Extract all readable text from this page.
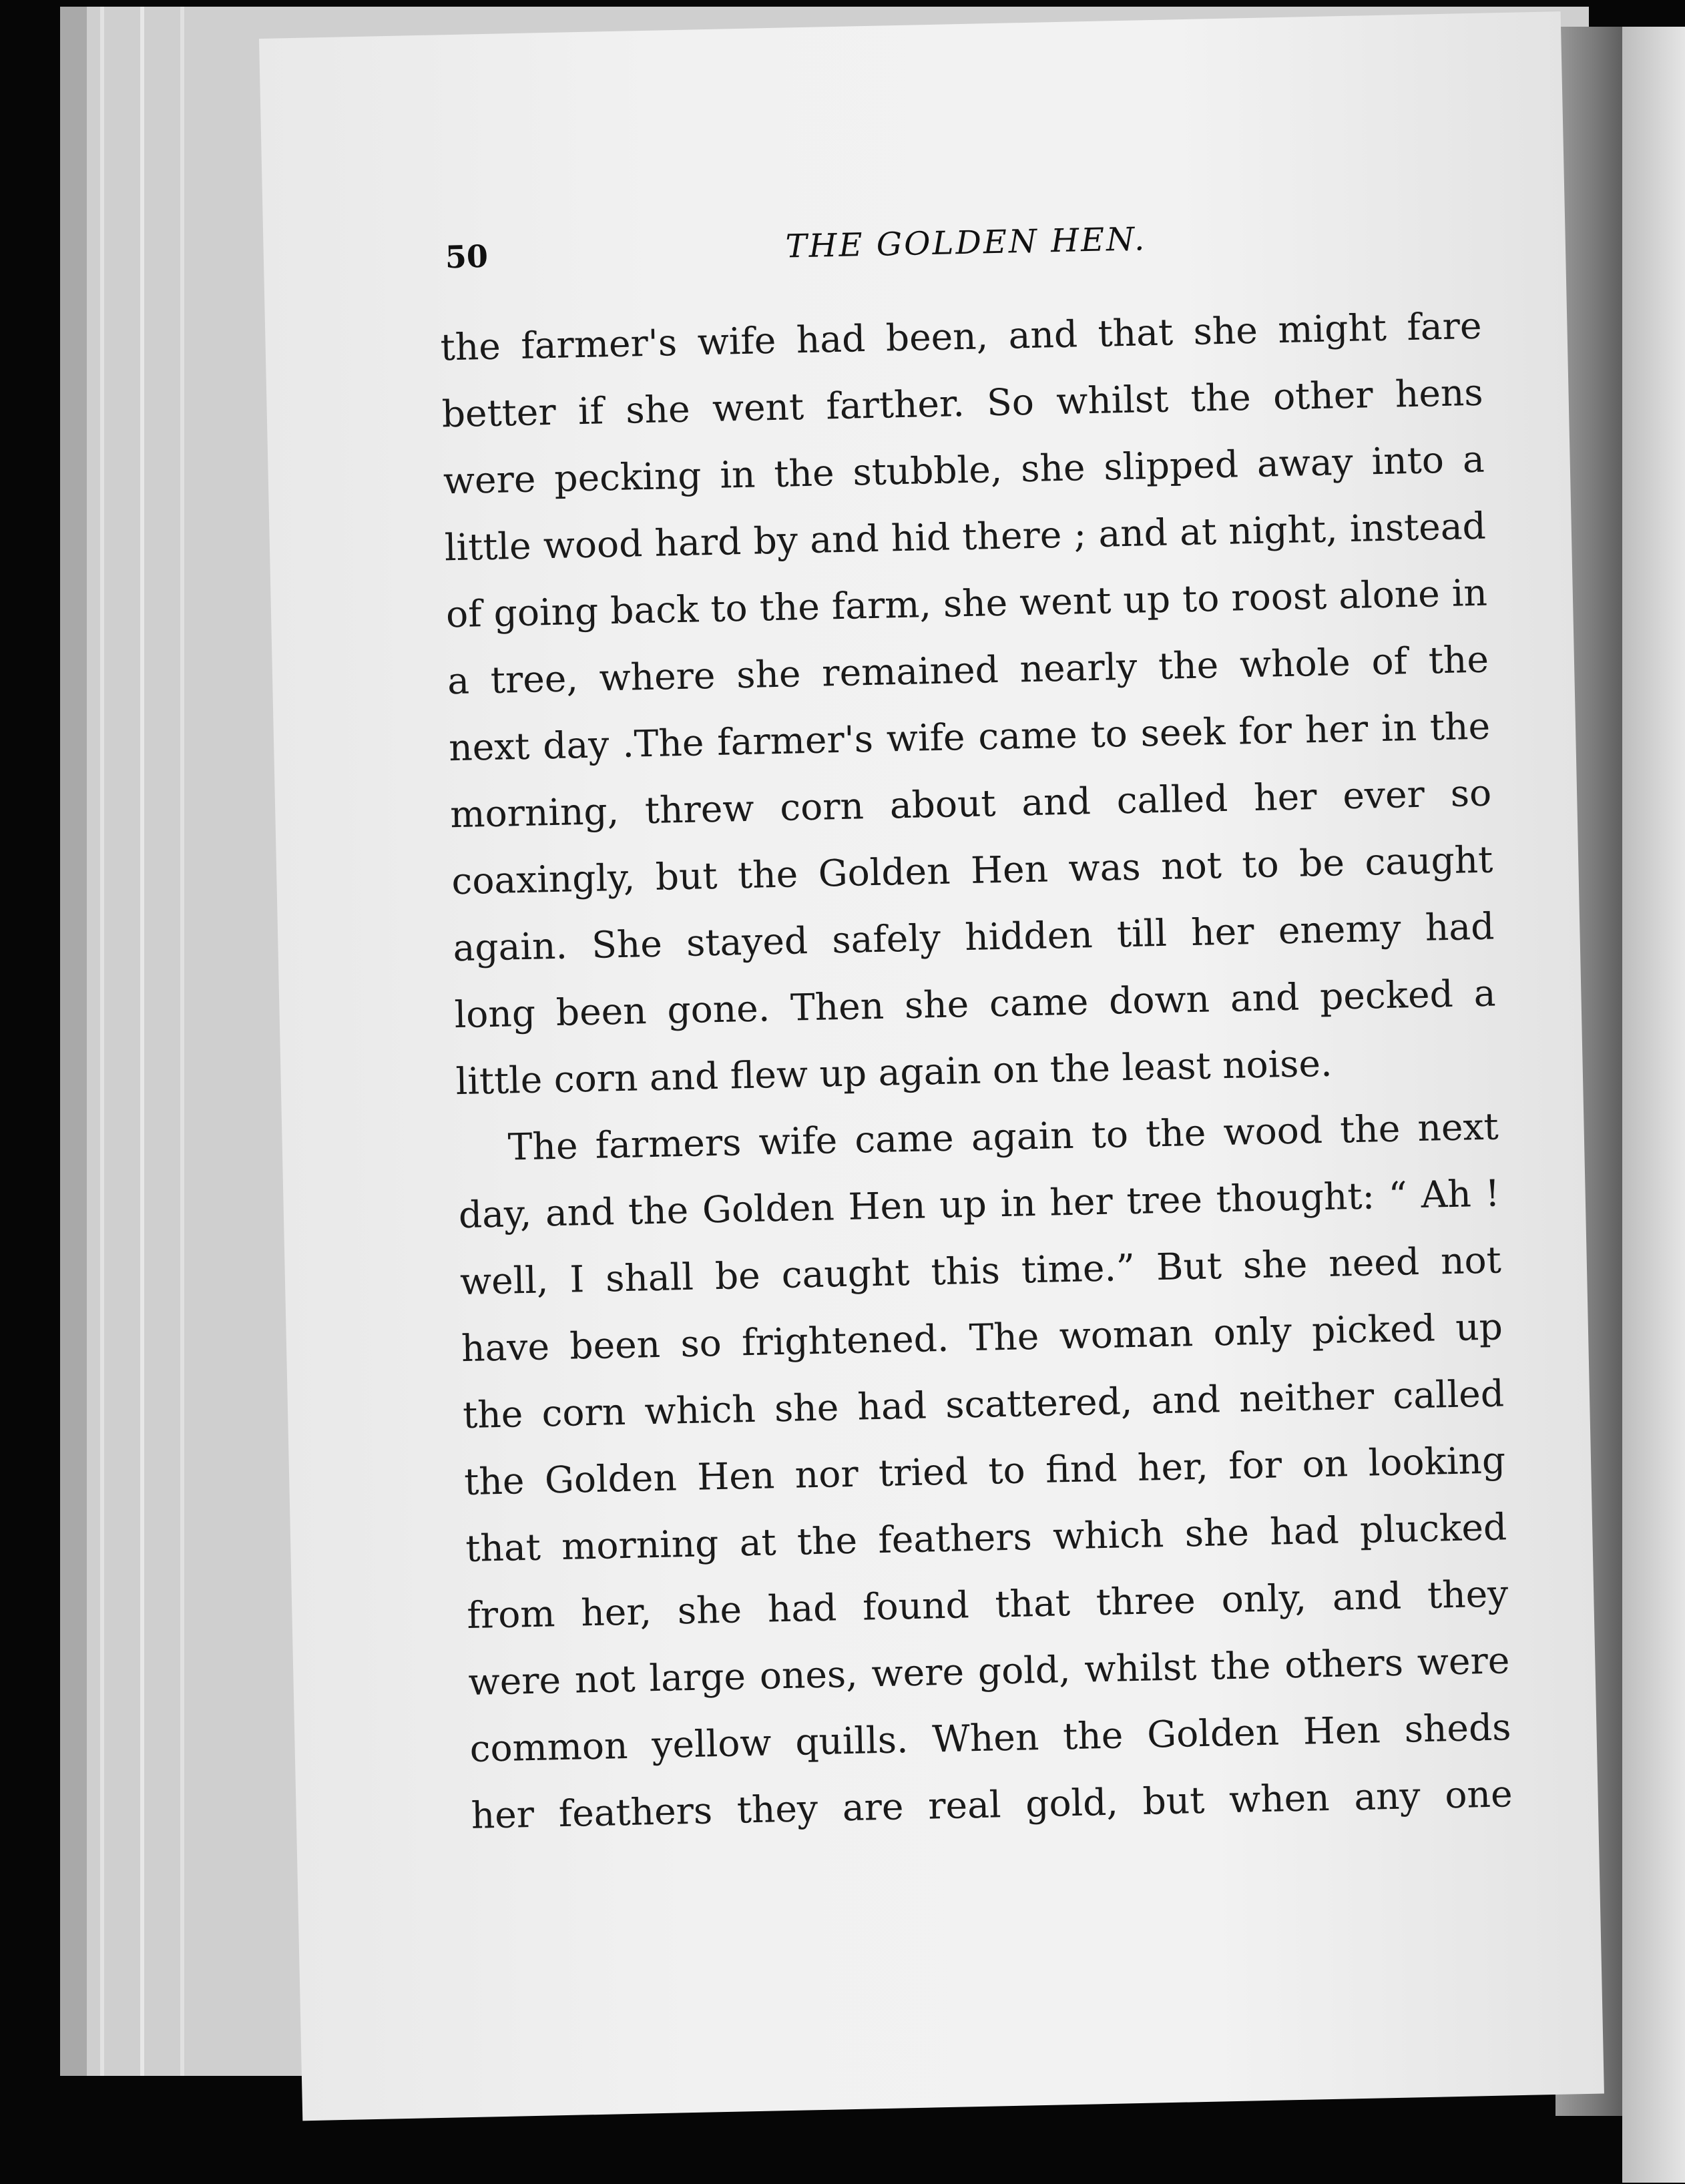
50	THE GOLDEN HEN.
the farmer's wife had been, and that she might fare
better if she went farther. So whilst the other hens
were pecking in the stubble, she slipped away into a
little wood hard by and hid there ; and at night, instead
of going back to the farm, she went up to roost alone in
a tree, where she remained nearly the whole of the
next day .The farmer's wife came to seek for her in the
morning, threw corn about and called her ever so
coaxingly, but the Golden Hen was not to be caught
again. She stayed safely hidden till her enemy had
long been gone. Then she came down and pecked a
little corn and flew up again on the least noise.
The farmers wife came again to the wood the next
day, and the Golden Hen up in her tree thought: “ Ah !
well, I shall be caught this time.” But she need not
have been so frightened. The woman only picked up
the corn which she had scattered, and neither called
the Golden Hen nor tried to find her, for on looking
that morning at the feathers which she had plucked
from her, she had found that three only, and they
were not large ones, were gold, whilst the others were
common yellow quills. When the Golden Hen sheds
her feathers they are real gold, but when any one
